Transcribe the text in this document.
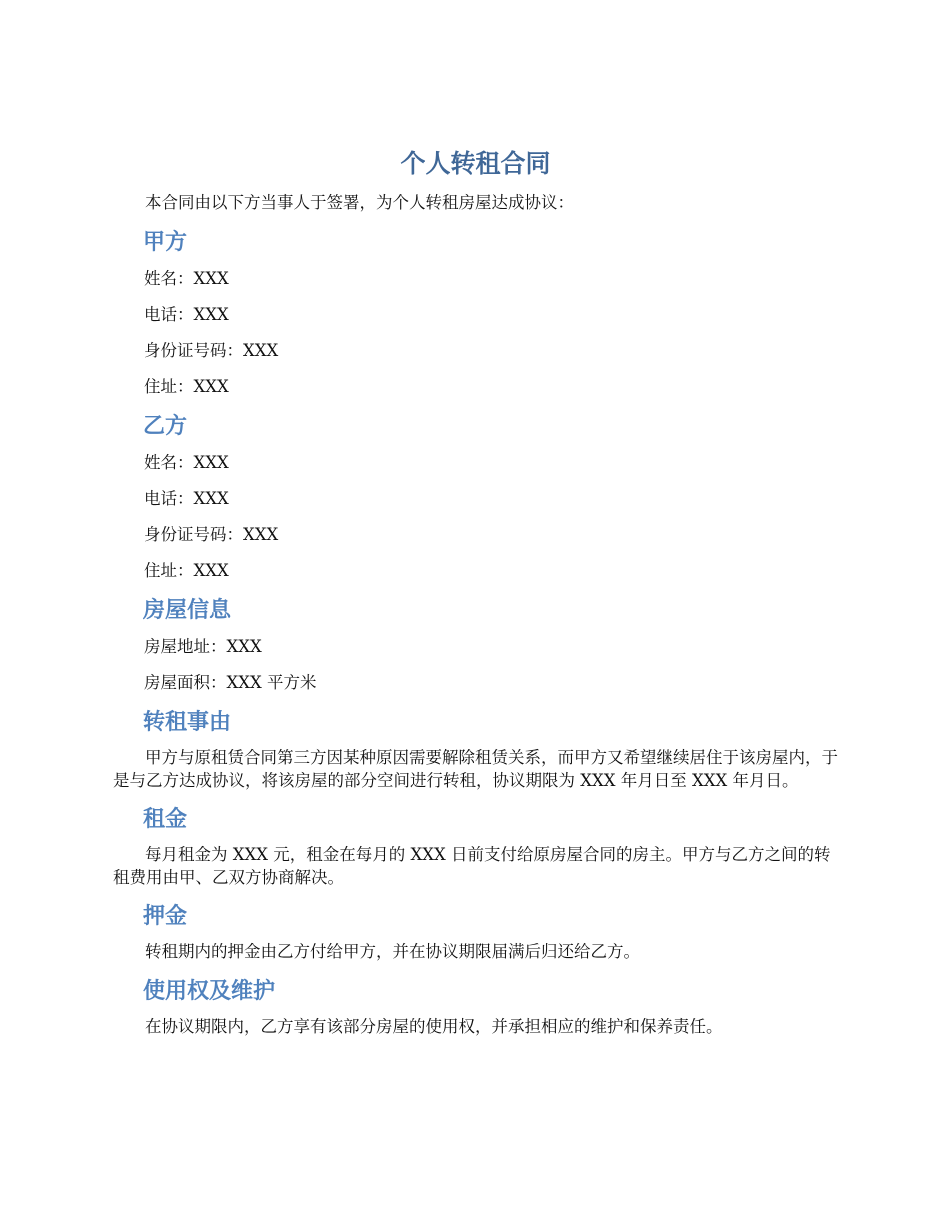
个人转租合同

本合同由以下方当事人于签署，为个人转租房屋达成协议：

甲方
姓名：XXX
电话：XXX
身份证号码：XXX
住址：XXX
乙方
姓名：XXX
电话：XXX
身份证号码：XXX
住址：XXX
房屋信息
房屋地址：XXX
房屋面积：XXX 平方米
转租事由

甲方与原租赁合同第三方因某种原因需要解除租赁关系，而甲方又希望继续居住于该房屋内，于是与乙方达成协议，将该房屋的部分空间进行转租，协议期限为 XXX 年月日至 XXX 年月日。

租金

每月租金为 XXX 元，租金在每月的 XXX 日前支付给原房屋合同的房主。甲方与乙方之间的转租费用由甲、乙双方协商解决。

押金

转租期内的押金由乙方付给甲方，并在协议期限届满后归还给乙方。

使用权及维护

在协议期限内，乙方享有该部分房屋的使用权，并承担相应的维护和保养责任。
